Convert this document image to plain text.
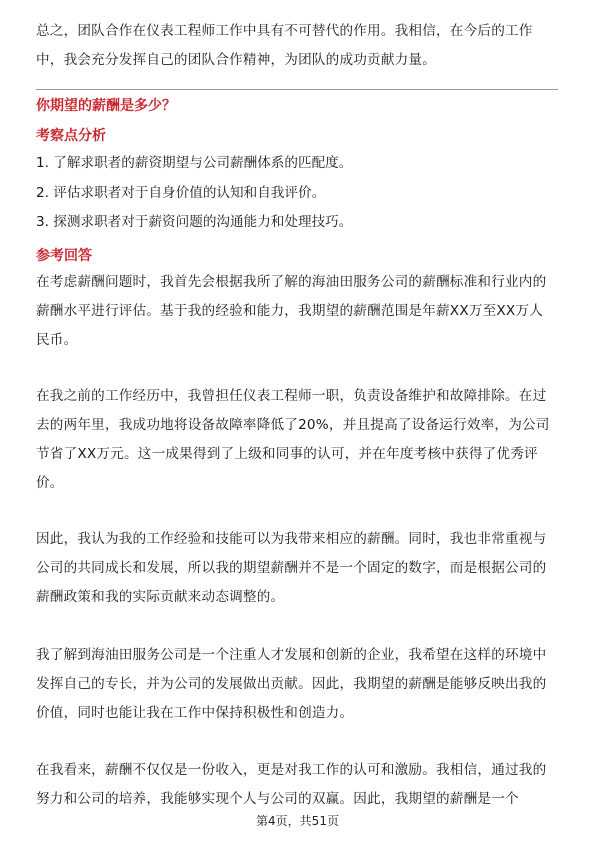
总之，团队合作在仪表工程师工作中具有不可替代的作用。我相信，在今后的工作中，我会充分发挥自己的团队合作精神，为团队的成功贡献力量。

你期望的薪酬是多少？
考察点分析

1. 了解求职者的薪资期望与公司薪酬体系的匹配度。

2. 评估求职者对于自身价值的认知和自我评价。

3. 探测求职者对于薪资问题的沟通能力和处理技巧。

参考回答

在考虑薪酬问题时，我首先会根据我所了解的海油田服务公司的薪酬标准和行业内的薪酬水平进行评估。基于我的经验和能力，我期望的薪酬范围是年薪XX万至XX万人民币。

在我之前的工作经历中，我曾担任仪表工程师一职，负责设备维护和故障排除。在过去的两年里，我成功地将设备故障率降低了20%，并且提高了设备运行效率，为公司节省了XX万元。这一成果得到了上级和同事的认可，并在年度考核中获得了优秀评价。

因此，我认为我的工作经验和技能可以为我带来相应的薪酬。同时，我也非常重视与公司的共同成长和发展，所以我的期望薪酬并不是一个固定的数字，而是根据公司的薪酬政策和我的实际贡献来动态调整的。

我了解到海油田服务公司是一个注重人才发展和创新的企业，我希望在这样的环境中发挥自己的专长，并为公司的发展做出贡献。因此，我期望的薪酬是能够反映出我的价值，同时也能让我在工作中保持积极性和创造力。

在我看来，薪酬不仅仅是一份收入，更是对我工作的认可和激励。我相信，通过我的努力和公司的培养，我能够实现个人与公司的双赢。因此，我期望的薪酬是一个

第4页，共51页
